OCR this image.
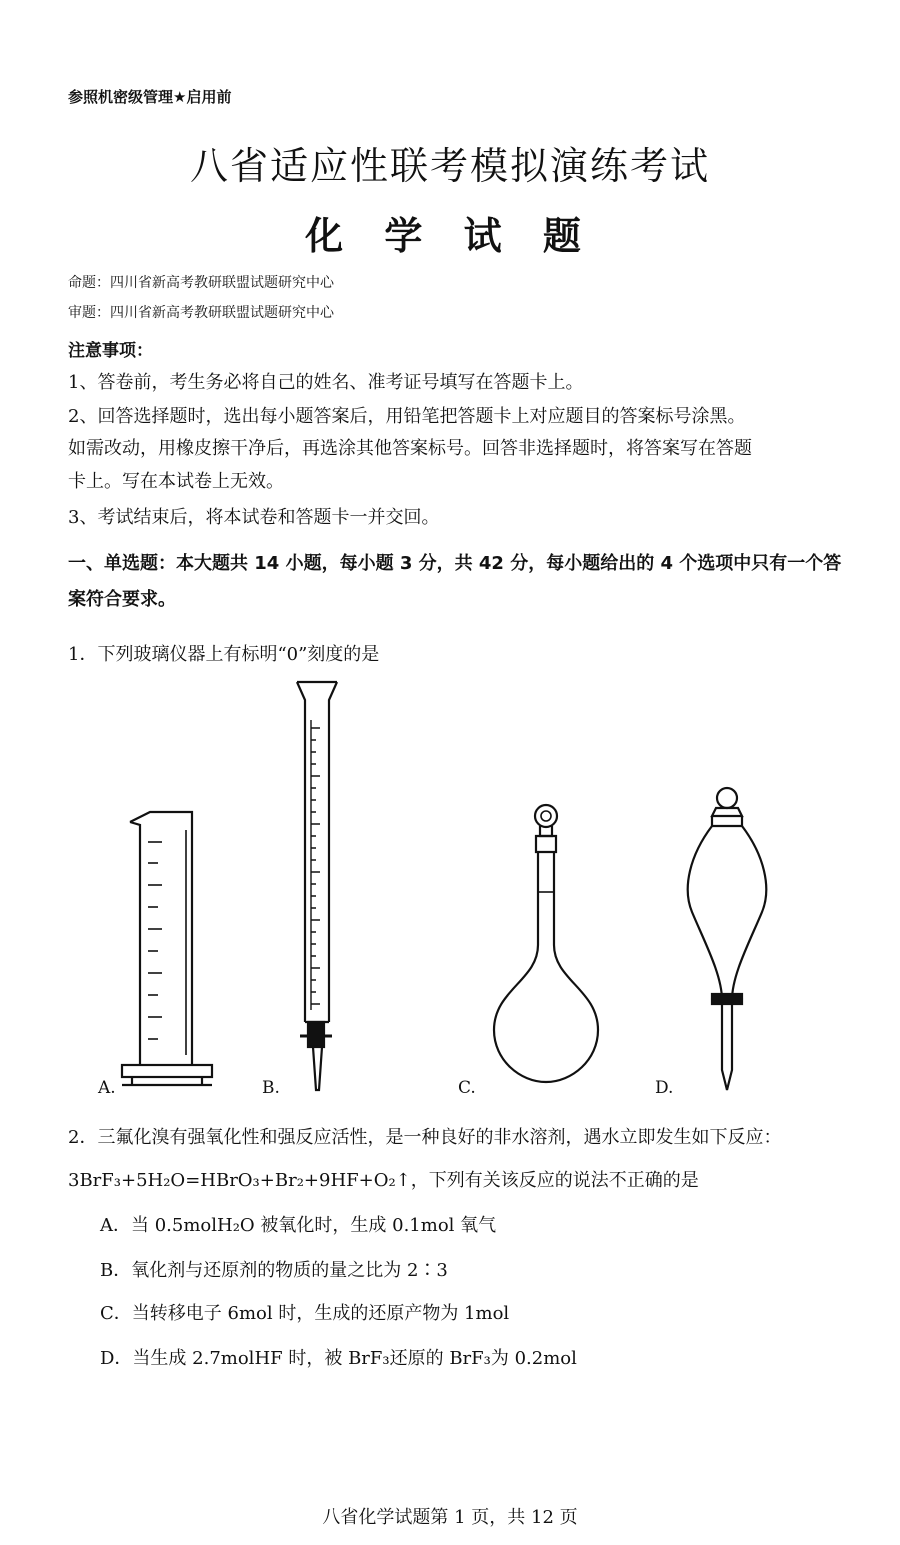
参照机密级管理★启用前
八省适应性联考模拟演练考试
化 学 试 题
命题：四川省新高考教研联盟试题研究中心
审题：四川省新高考教研联盟试题研究中心
注意事项：
1、答卷前，考生务必将自己的姓名、准考证号填写在答题卡上。
2、回答选择题时，选出每小题答案后，用铅笔把答题卡上对应题目的答案标号涂黑。
如需改动，用橡皮擦干净后，再选涂其他答案标号。回答非选择题时，将答案写在答题
卡上。写在本试卷上无效。
3、考试结束后，将本试卷和答题卡一并交回。
一、单选题：本大题共 14 小题，每小题 3 分，共 42 分，每小题给出的 4 个选项中只有一个答案符合要求。
1．下列玻璃仪器上有标明“0”刻度的是
A.	B.	C.	D.
2．三氟化溴有强氧化性和强反应活性，是一种良好的非水溶剂，遇水立即发生如下反应：
3BrF₃+5H₂O=HBrO₃+Br₂+9HF+O₂↑，下列有关该反应的说法不正确的是
A．当 0.5molH₂O 被氧化时，生成 0.1mol 氧气
B．氧化剂与还原剂的物质的量之比为 2∶3
C．当转移电子 6mol 时，生成的还原产物为 1mol
D．当生成 2.7molHF 时，被 BrF₃还原的 BrF₃为 0.2mol
八省化学试题第 1 页，共 12 页
